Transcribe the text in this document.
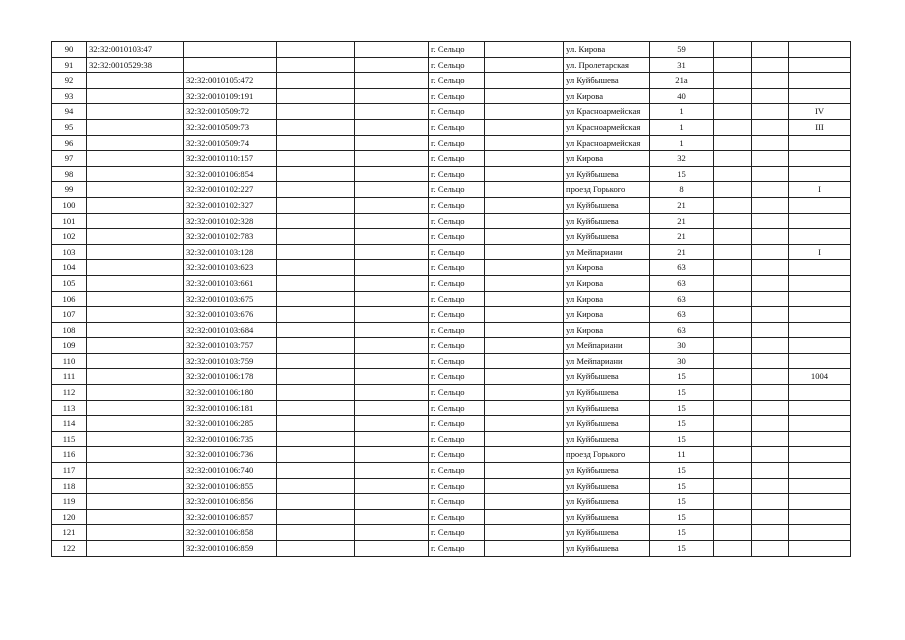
90	32:32:0010103:47				г. Сельцо		ул. Кирова	59			
91	32:32:0010529:38				г. Сельцо		ул. Пролетарская	31			
92		32:32:0010105:472			г. Сельцо		ул Куйбышева	21а			
93		32:32:0010109:191			г. Сельцо		ул Кирова	40			
94		32:32:0010509:72			г. Сельцо		ул Красноармейская	1			IV
95		32:32:0010509:73			г. Сельцо		ул Красноармейская	1			III
96		32:32:0010509:74			г. Сельцо		ул Красноармейская	1			
97		32:32:0010110:157			г. Сельцо		ул Кирова	32			
98		32:32:0010106:854			г. Сельцо		ул Куйбышева	15			
99		32:32:0010102:227			г. Сельцо		проезд Горького	8			I
100		32:32:0010102:327			г. Сельцо		ул Куйбышева	21			
101		32:32:0010102:328			г. Сельцо		ул Куйбышева	21			
102		32:32:0010102:783			г. Сельцо		ул Куйбышева	21			
103		32:32:0010103:128			г. Сельцо		ул Мейпариани	21			I
104		32:32:0010103:623			г. Сельцо		ул Кирова	63			
105		32:32:0010103:661			г. Сельцо		ул Кирова	63			
106		32:32:0010103:675			г. Сельцо		ул Кирова	63			
107		32:32:0010103:676			г. Сельцо		ул Кирова	63			
108		32:32:0010103:684			г. Сельцо		ул Кирова	63			
109		32:32:0010103:757			г. Сельцо		ул Мейпариани	30			
110		32:32:0010103:759			г. Сельцо		ул Мейпариани	30			
111		32:32:0010106:178			г. Сельцо		ул Куйбышева	15			1004
112		32:32:0010106:180			г. Сельцо		ул Куйбышева	15			
113		32:32:0010106:181			г. Сельцо		ул Куйбышева	15			
114		32:32:0010106:285			г. Сельцо		ул Куйбышева	15			
115		32:32:0010106:735			г. Сельцо		ул Куйбышева	15			
116		32:32:0010106:736			г. Сельцо		проезд Горького	11			
117		32:32:0010106:740			г. Сельцо		ул Куйбышева	15			
118		32:32:0010106:855			г. Сельцо		ул Куйбышева	15			
119		32:32:0010106:856			г. Сельцо		ул Куйбышева	15			
120		32:32:0010106:857			г. Сельцо		ул Куйбышева	15			
121		32:32:0010106:858			г. Сельцо		ул Куйбышева	15			
122		32:32:0010106:859			г. Сельцо		ул Куйбышева	15			
